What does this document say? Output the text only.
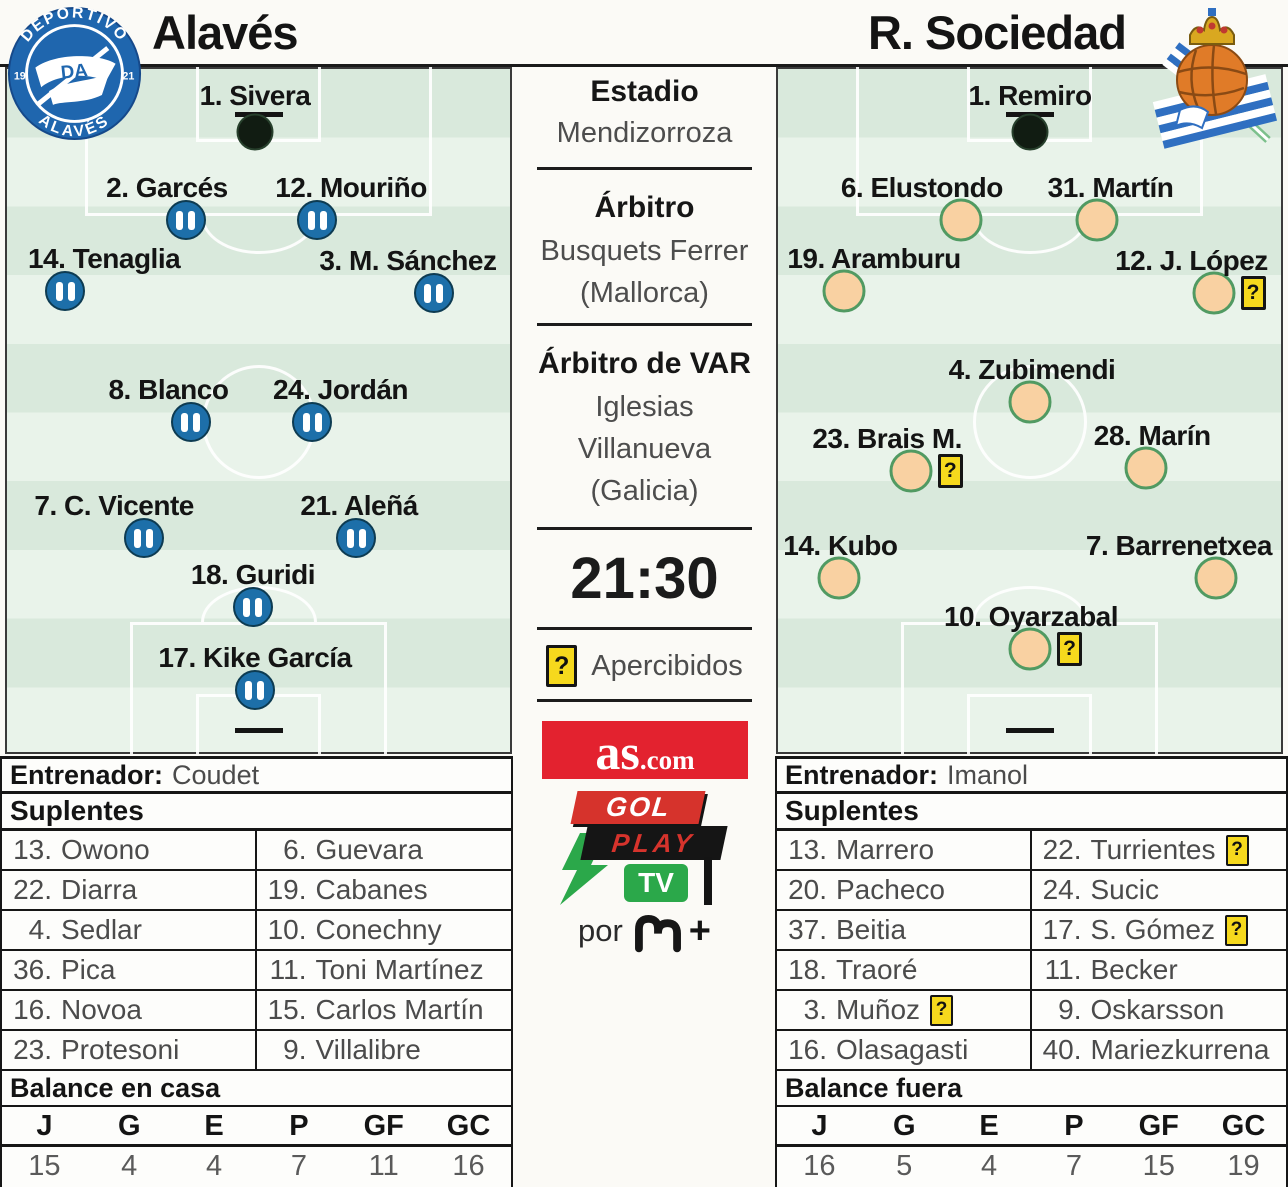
Alavés	R. Sociedad
DEPORTIVO
ALAVÉS
19	21
DA
1. Sivera
2. Garcés 12. Mouriño
14. Tenaglia	3. M. Sánchez
8. Blanco 24. Jordán
7. C. Vicente	21. Aleñá
18. Guridi
17. Kike García
1. Remiro
6. Elustondo 31. Martín
19. Aramburu	12. J. López
?
4. Zubimendi
23. Brais M.
?
28. Marín
14. Kubo	7. Barrenetxea
10. Oyarzabal
?
Estadio
Mendizorroza
Árbitro
Busquets Ferrer
(Mallorca)
Árbitro de VAR
Iglesias
Villanueva
(Galicia)
21:30
? Apercibidos
as .com
GOL
PLAY
TV
por +
Entrenador: Coudet
Suplentes
13. Owono	6. Guevara
22. Diarra	19. Cabanes
4. Sedlar	10. Conechny
36. Pica	11. Toni Martínez
16. Novoa	15. Carlos Martín
23. Protesoni	9. Villalibre
Balance en casa
J	G	E	P	GF	GC
15	4	4	7	11	16
Entrenador: Imanol
Suplentes
13. Marrero	22. Turrientes ?
20. Pacheco	24. Sucic
37. Beitia	17. S. Gómez ?
18. Traoré	11. Becker
3. Muñoz ?	9. Oskarsson
16. Olasagasti	40. Mariezkurrena
Balance fuera
J	G	E	P	GF	GC
16	5	4	7	15	19
